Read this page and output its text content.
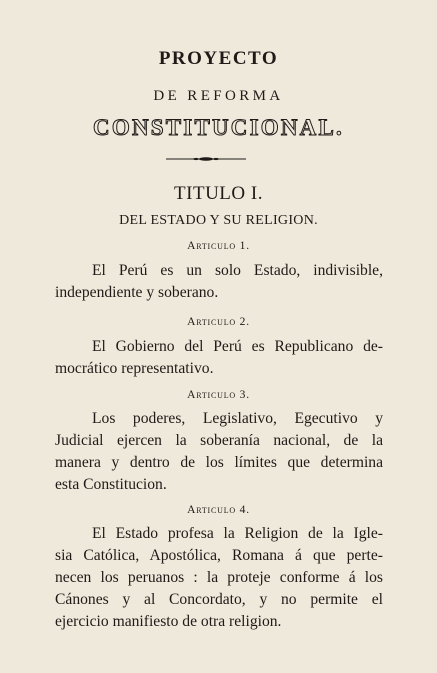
PROYECTO
DE REFORMA
CONSTITUCIONAL.
TITULO I.
DEL ESTADO Y SU RELIGION.
Articulo 1.
El Perú es un solo Estado, indivisible,
independiente y soberano.
Articulo 2.
El Gobierno del Perú es Republicano de-
mocrático representativo.
Articulo 3.
Los poderes, Legislativo, Egecutivo y
Judicial ejercen la soberanía nacional, de la
manera y dentro de los límites que determina
esta Constitucion.
Articulo 4.
El Estado profesa la Religion de la Igle-
sia Católica, Apostólica, Romana á que perte-
necen los peruanos : la proteje conforme á los
Cánones y al Concordato, y no permite el
ejercicio manifiesto de otra religion.
